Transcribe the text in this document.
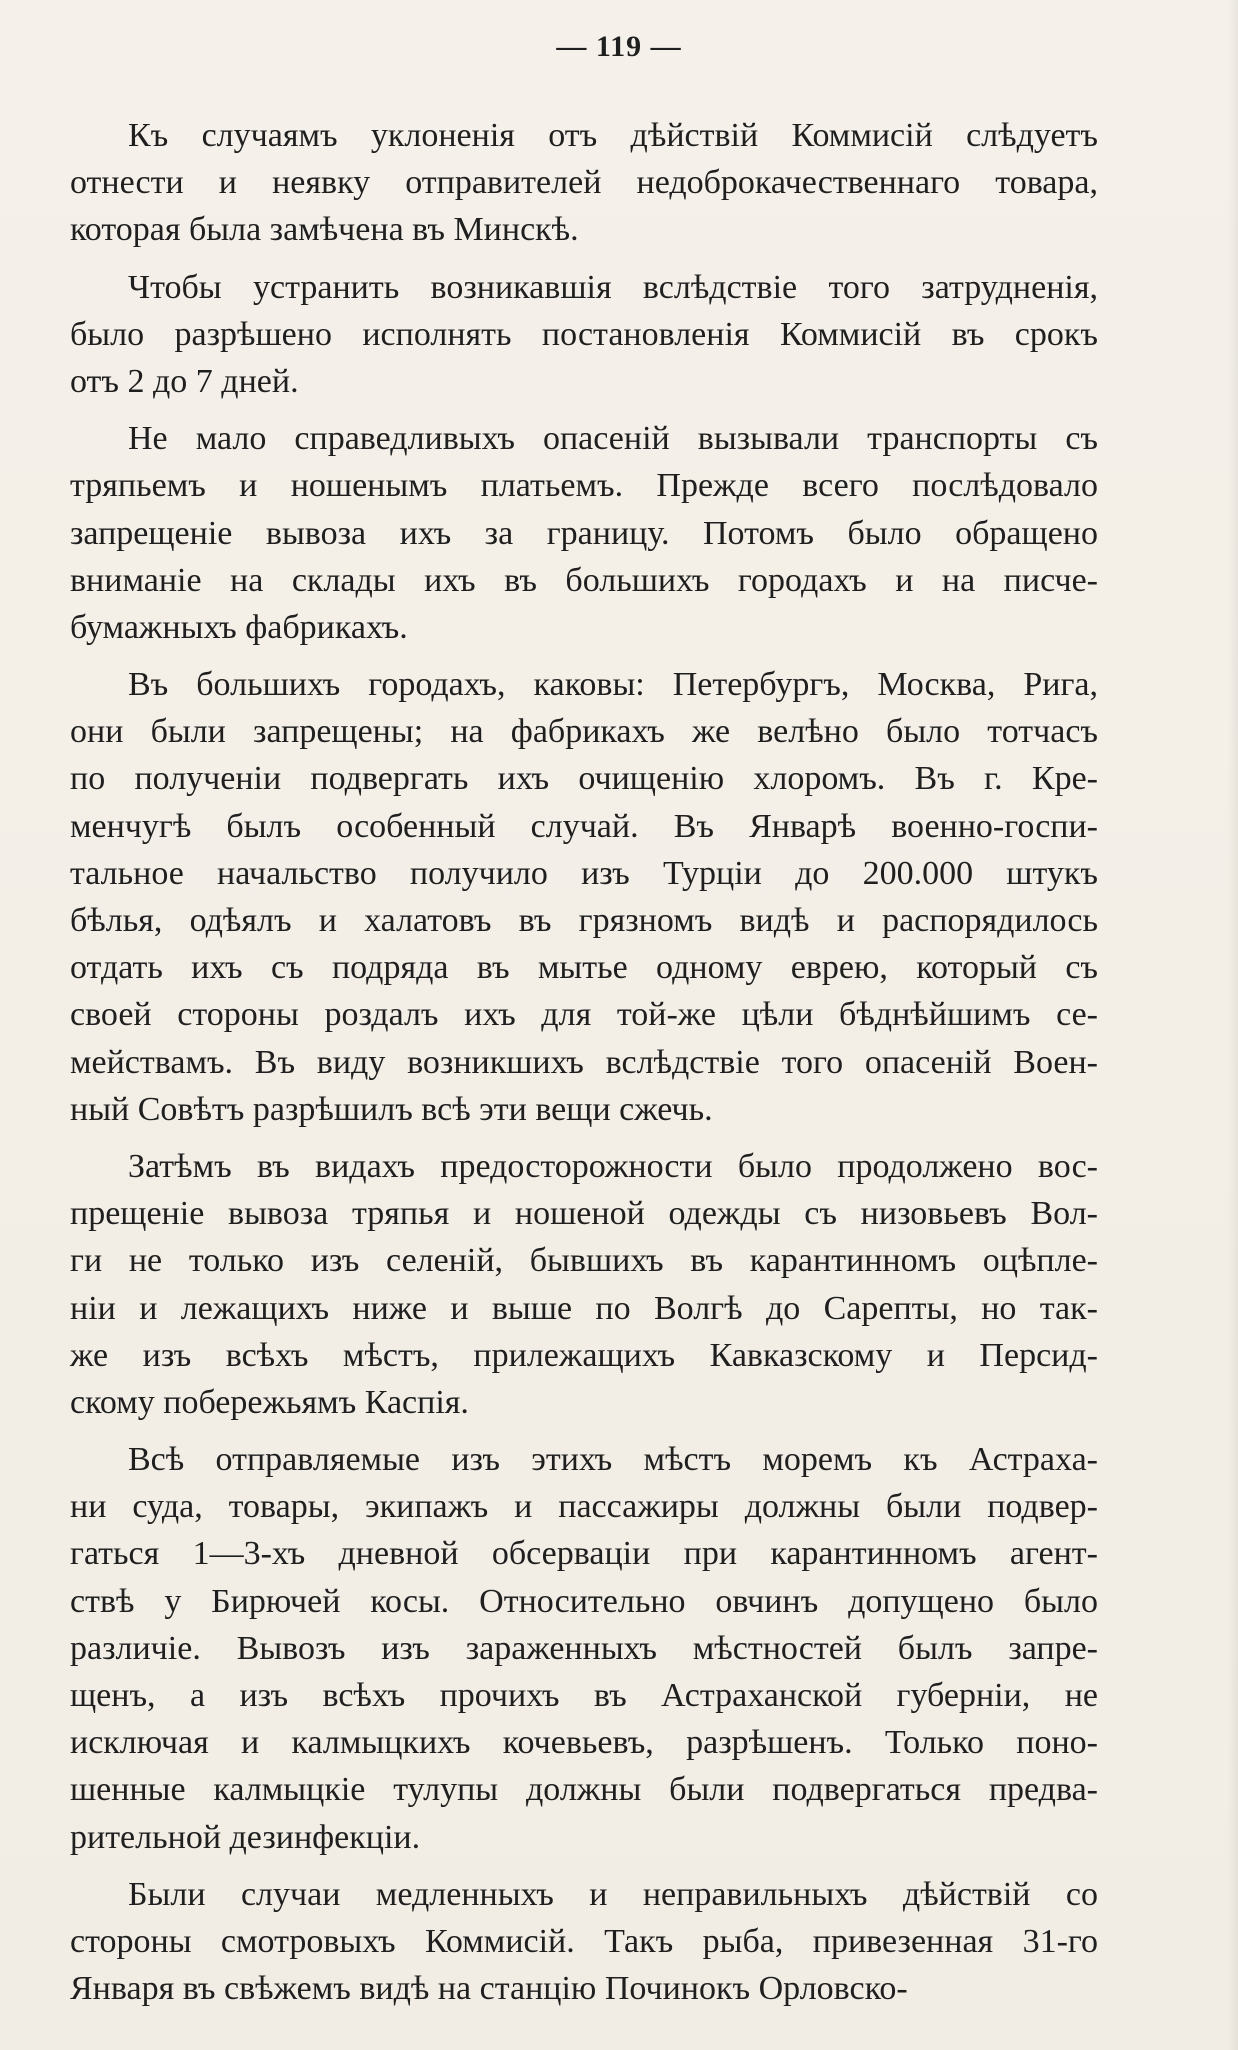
— 119 —
Къ случаямъ уклоненія отъ дѣйствій Коммисій слѣдуетъ
отнести и неявку отправителей недоброкачественнаго товара,
которая была замѣчена въ Минскѣ.
Чтобы устранить возникавшія вслѣдствіе того затрудненія,
было разрѣшено исполнять постановленія Коммисій въ срокъ
отъ 2 до 7 дней.
Не мало справедливыхъ опасеній вызывали транспорты съ
тряпьемъ и ношенымъ платьемъ. Прежде всего послѣдовало
запрещеніе вывоза ихъ за границу. Потомъ было обращено
вниманіе на склады ихъ въ большихъ городахъ и на писче-
бумажныхъ фабрикахъ.
Въ большихъ городахъ, каковы: Петербургъ, Москва, Рига,
они были запрещены; на фабрикахъ же велѣно было тотчасъ
по полученіи подвергать ихъ очищенію хлоромъ. Въ г. Кре-
менчугѣ былъ особенный случай. Въ Январѣ военно-госпи-
тальное начальство получило изъ Турціи до 200.000 штукъ
бѣлья, одѣялъ и халатовъ въ грязномъ видѣ и распорядилось
отдать ихъ съ подряда въ мытье одному еврею, который съ
своей стороны роздалъ ихъ для той-же цѣли бѣднѣйшимъ се-
мействамъ. Въ виду возникшихъ вслѣдствіе того опасеній Воен-
ный Совѣтъ разрѣшилъ всѣ эти вещи сжечь.
Затѣмъ въ видахъ предосторожности было продолжено вос-
прещеніе вывоза тряпья и ношеной одежды съ низовьевъ Вол-
ги не только изъ селеній, бывшихъ въ карантинномъ оцѣпле-
ніи и лежащихъ ниже и выше по Волгѣ до Сарепты, но так-
же изъ всѣхъ мѣстъ, прилежащихъ Кавказскому и Персид-
скому побережьямъ Каспія.
Всѣ отправляемые изъ этихъ мѣстъ моремъ къ Астраха-
ни суда, товары, экипажъ и пассажиры должны были подвер-
гаться 1—3-хъ дневной обсерваціи при карантинномъ агент-
ствѣ у Бирючей косы. Относительно овчинъ допущено было
различіе. Вывозъ изъ зараженныхъ мѣстностей былъ запре-
щенъ, а изъ всѣхъ прочихъ въ Астраханской губерніи, не
исключая и калмыцкихъ кочевьевъ, разрѣшенъ. Только поно-
шенные калмыцкіе тулупы должны были подвергаться предва-
рительной дезинфекціи.
Были случаи медленныхъ и неправильныхъ дѣйствій со
стороны смотровыхъ Коммисій. Такъ рыба, привезенная 31-го
Января въ свѣжемъ видѣ на станцію Починокъ Орловско-
